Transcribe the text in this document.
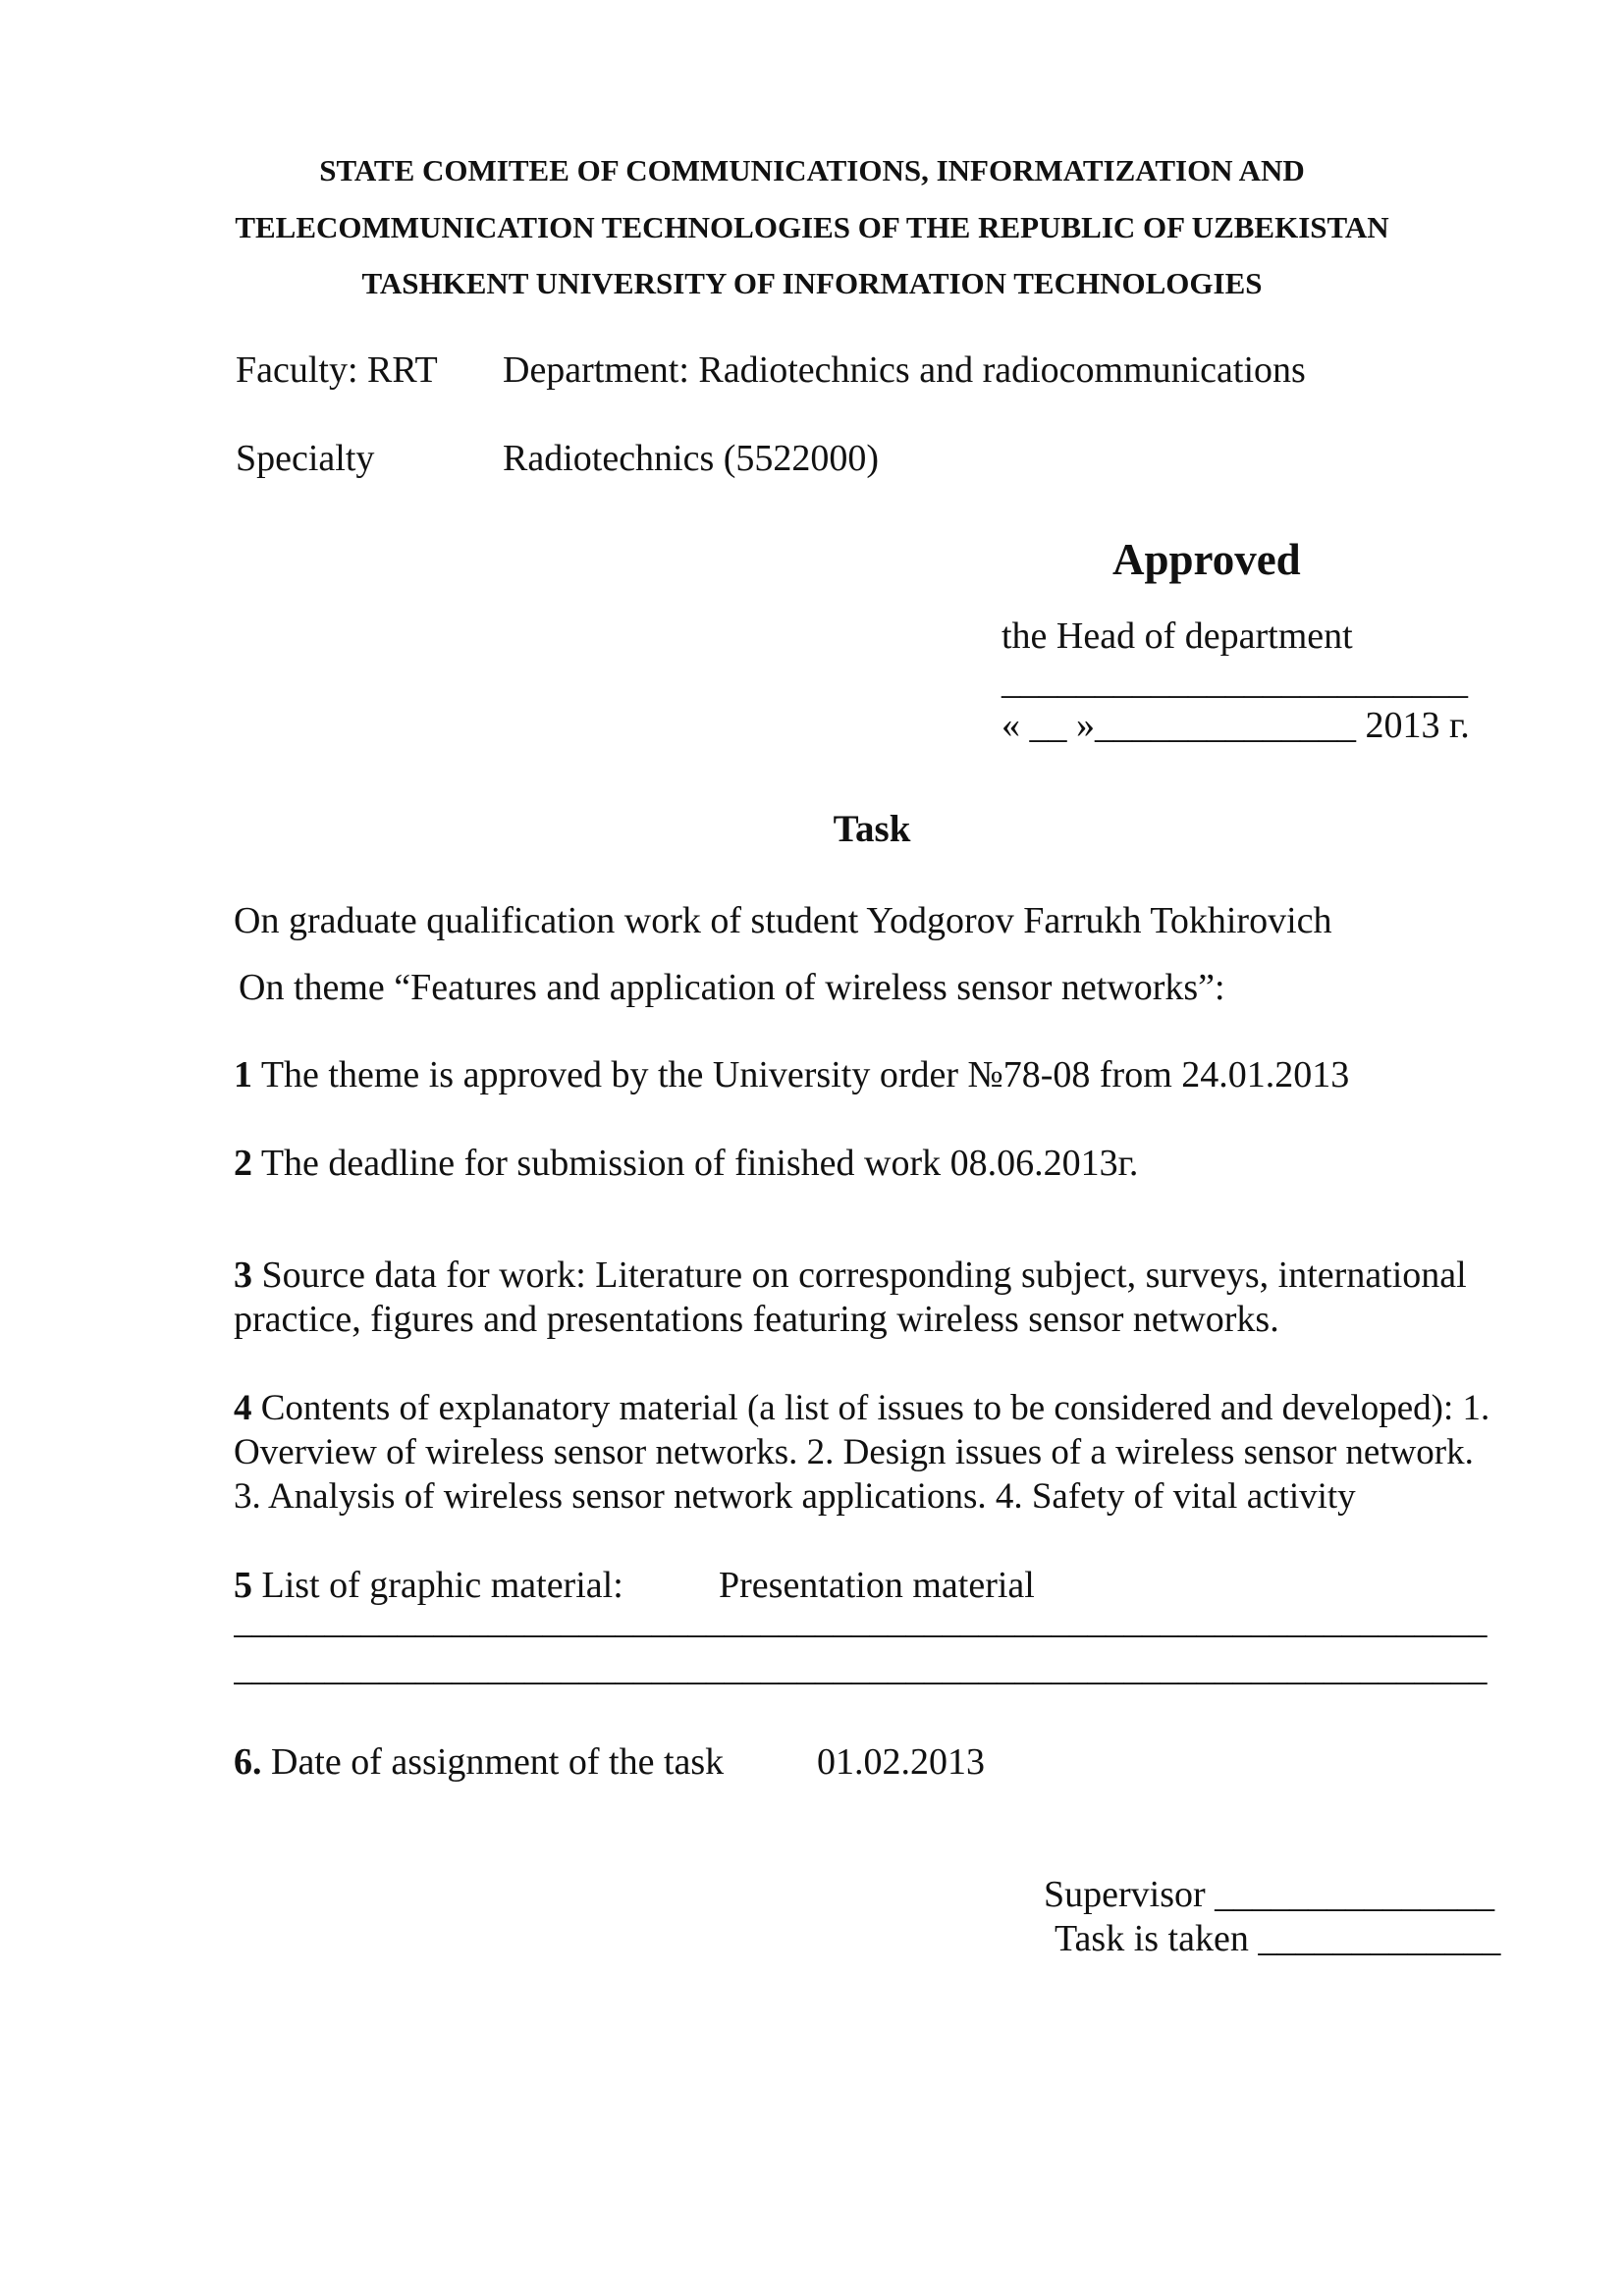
STATE COMITEE OF COMMUNICATIONS, INFORMATIZATION AND
TELECOMMUNICATION TECHNOLOGIES OF THE REPUBLIC OF UZBEKISTAN
TASHKENT UNIVERSITY OF INFORMATION TECHNOLOGIES
Faculty: RRT Department: Radiotechnics and radiocommunications
Specialty	Radiotechnics (5522000)
Approved
the Head of department
_________________________
« __ »______________ 2013 г.
Task
On graduate qualification work of student Yodgorov Farrukh Tokhirovich
On theme “Features and application of wireless sensor networks”:
1 The theme is approved by the University order №78-08 from 24.01.2013
2 The deadline for submission of finished work 08.06.2013г.
3 Source data for work: Literature on corresponding subject, surveys, international
practice, figures and presentations featuring wireless sensor networks.
4 Contents of explanatory material (a list of issues to be considered and developed): 1.
Overview of wireless sensor networks. 2. Design issues of a wireless sensor network.
3. Analysis of wireless sensor network applications. 4. Safety of vital activity
5 List of graphic material:	Presentation material
_____________________________________________________________________
_____________________________________________________________________
6. Date of assignment of the task 01.02.2013
Supervisor _______________
Task is taken _____________
